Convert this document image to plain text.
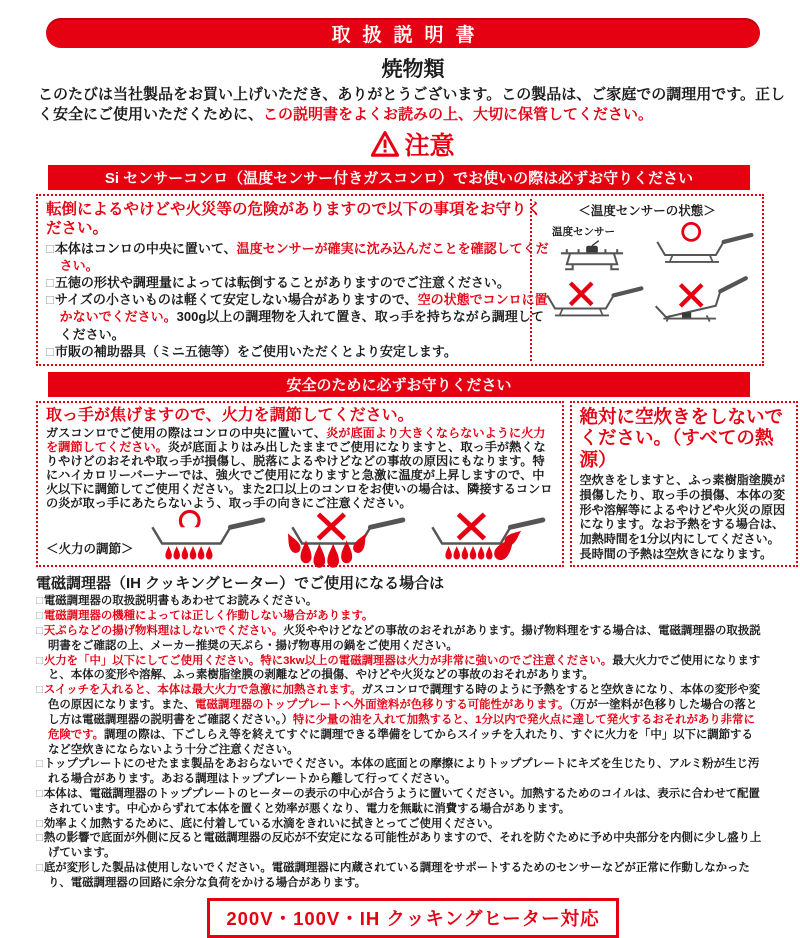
取扱説明書
焼物類
このたびは当社製品をお買い上げいただき、ありがとうございます。この製品は、ご家庭での調理用です。正しく安全にご使用いただくために、この説明書をよくお読みの上、大切に保管してください。
注意
Si センサーコンロ（温度センサー付きガスコンロ）でお使いの際は必ずお守りください
転倒によるやけどや火災等の危険がありますので以下の事項をお守りください。
□本体はコンロの中央に置いて、温度センサーが確実に沈み込んだことを確認してください。
□五徳の形状や調理量によっては転倒することがありますのでご注意ください。
□サイズの小さいものは軽くて安定しない場合がありますので、空の状態でコンロに置かないでください。300g以上の調理物を入れて置き、取っ手を持ちながら調理してください。
□市販の補助器具（ミニ五徳等）をご使用いただくとより安定します。
＜温度センサーの状態＞
温度センサー
安全のために必ずお守りください
取っ手が焦げますので、火力を調節してください。
ガスコンロでご使用の際はコンロの中央に置いて、炎が底面より大きくならないように火力を調節してください。炎が底面よりはみ出したままでご使用になりますと、取っ手が熱くなりやけどのおそれや取っ手が損傷し、脱落によるやけどなどの事故の原因にもなります。特にハイカロリーバーナーでは、強火でご使用になりますと急激に温度が上昇しますので、中火以下に調節してご使用ください。また2口以上のコンロをお使いの場合は、隣接するコンロの炎が取っ手にあたらないよう、取っ手の向きにご注意ください。
＜火力の調節＞
絶対に空炊きをしないでください。（すべての熱源）
空炊きをしますと、ふっ素樹脂塗膜が損傷したり、取っ手の損傷、本体の変形や溶解等によるやけどや火災の原因になります。なお予熱をする場合は、加熱時間を1分以内にしてください。長時間の予熱は空炊きになります。
電磁調理器（IH クッキングヒーター）でご使用になる場合は
□電磁調理器の取扱説明書もあわせてお読みください。
□電磁調理器の機種によっては正しく作動しない場合があります。
□天ぷらなどの揚げ物料理はしないでください。火災ややけどなどの事故のおそれがあります。揚げ物料理をする場合は、電磁調理器の取扱説明書をご確認の上、メーカー推奨の天ぷら・揚げ物専用の鍋をご使用ください。
□火力を「中」以下にしてご使用ください。特に3kw以上の電磁調理器は火力が非常に強いのでご注意ください。最大火力でご使用になりますと、本体の変形や溶解、ふっ素樹脂塗膜の剥離などの損傷、やけどや火災などの事故のおそれがあります。
□スイッチを入れると、本体は最大火力で急激に加熱されます。ガスコンロで調理する時のように予熱をすると空炊きになり、本体の変形や変色の原因になります。また、電磁調理器のトッププレートへ外面塗料が色移りする可能性があります。（万が一塗料が色移りした場合の落とし方は電磁調理器の説明書をご確認ください。）特に少量の油を入れて加熱すると、1分以内で発火点に達して発火するおそれがあり非常に危険です。調理の際は、下ごしらえ等を終えてすぐに調理できる準備をしてからスイッチを入れたり、すぐに火力を「中」以下に調節するなど空炊きにならないよう十分ご注意ください。
□トッププレートにのせたまま製品をあおらないでください。本体の底面との摩擦によりトッププレートにキズを生じたり、アルミ粉が生じ汚れる場合があります。あおる調理はトッププレートから離して行ってください。
□本体は、電磁調理器のトッププレートのヒーターの表示の中心が合うように置いてください。加熱するためのコイルは、表示に合わせて配置されています。中心からずれて本体を置くと効率が悪くなり、電力を無駄に消費する場合があります。
□効率よく加熱するために、底に付着している水滴をきれいに拭きとってご使用ください。
□熱の影響で底面が外側に反ると電磁調理器の反応が不安定になる可能性がありますので、それを防ぐために予め中央部分を内側に少し盛り上げています。
□底が変形した製品は使用しないでください。電磁調理器に内蔵されている調理をサポートするためのセンサーなどが正常に作動しなかったり、電磁調理器の回路に余分な負荷をかける場合があります。
200V・100V・IH クッキングヒーター対応
